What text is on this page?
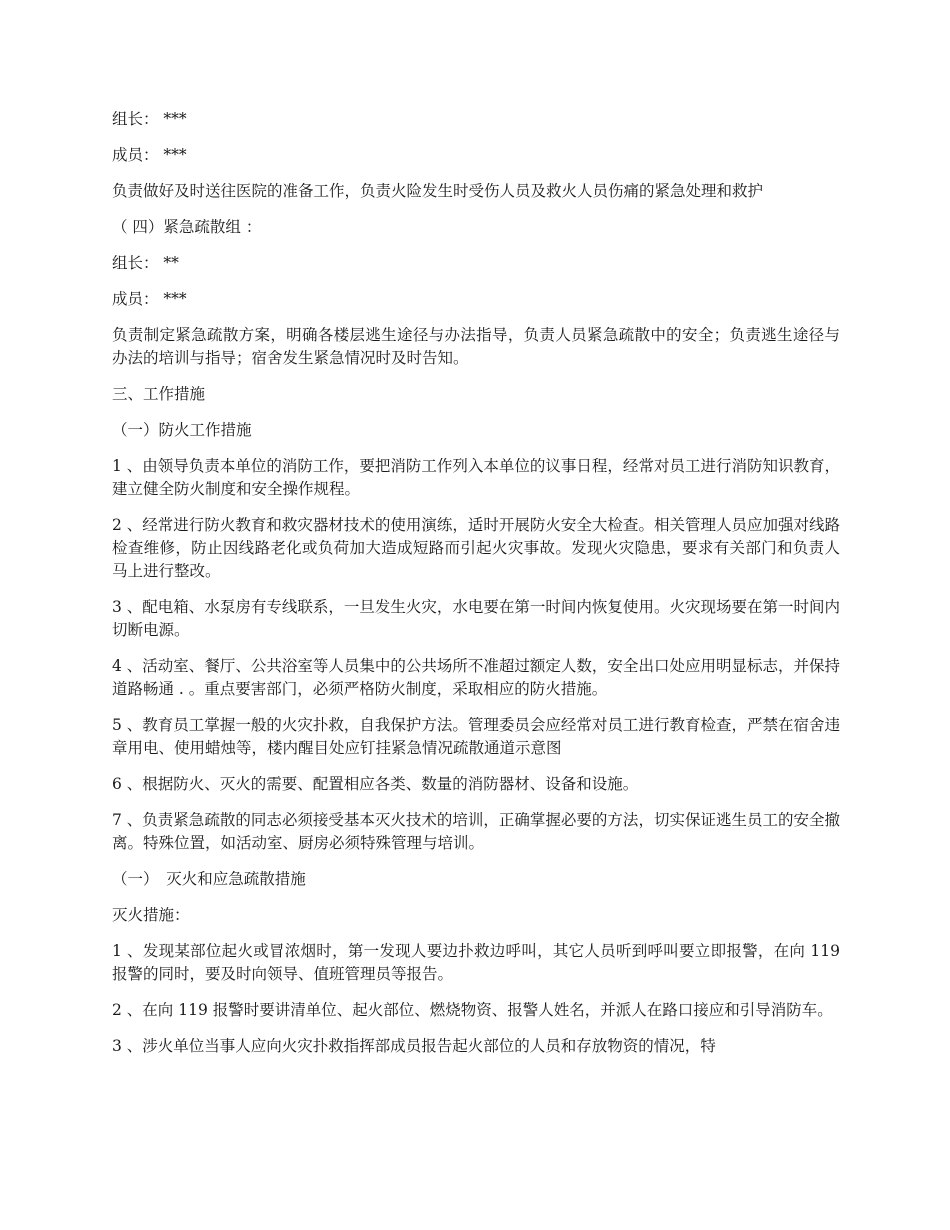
组长： ***

成员： ***

负责做好及时送往医院的准备工作，负责火险发生时受伤人员及救火人员伤痛的紧急处理和救护

（ 四）紧急疏散组 ：

组长： **

成员： ***

负责制定紧急疏散方案，明确各楼层逃生途径与办法指导，负责人员紧急疏散中的安全；负责逃生途径与办法的培训与指导；宿舍发生紧急情况时及时告知。

三、工作措施

（一）防火工作措施

1 、由领导负责本单位的消防工作，要把消防工作列入本单位的议事日程，经常对员工进行消防知识教育，建立健全防火制度和安全操作规程。

2 、经常进行防火教育和救灾器材技术的使用演练，适时开展防火安全大检查。相关管理人员应加强对线路检查维修，防止因线路老化或负荷加大造成短路而引起火灾事故。发现火灾隐患，要求有关部门和负责人马上进行整改。

3 、配电箱、水泵房有专线联系，一旦发生火灾，水电要在第一时间内恢复使用。火灾现场要在第一时间内切断电源。

4 、活动室、餐厅、公共浴室等人员集中的公共场所不准超过额定人数，安全出口处应用明显标志，并保持道路畅通 . 。重点要害部门，必须严格防火制度，采取相应的防火措施。

5 、教育员工掌握一般的火灾扑救，自我保护方法。管理委员会应经常对员工进行教育检查，严禁在宿舍违章用电、使用蜡烛等，楼内醒目处应钉挂紧急情况疏散通道示意图

6 、根据防火、灭火的需要、配置相应各类、数量的消防器材、设备和设施。

7 、负责紧急疏散的同志必须接受基本灭火技术的培训，正确掌握必要的方法，切实保证逃生员工的安全撤离。特殊位置，如活动室、厨房必须特殊管理与培训。

（一）　灭火和应急疏散措施

灭火措施：

1 、发现某部位起火或冒浓烟时，第一发现人要边扑救边呼叫，其它人员听到呼叫要立即报警，在向 119 报警的同时，要及时向领导、值班管理员等报告。

2 、在向 119 报警时要讲清单位、起火部位、燃烧物资、报警人姓名，并派人在路口接应和引导消防车。

3 、涉火单位当事人应向火灾扑救指挥部成员报告起火部位的人员和存放物资的情况，特
